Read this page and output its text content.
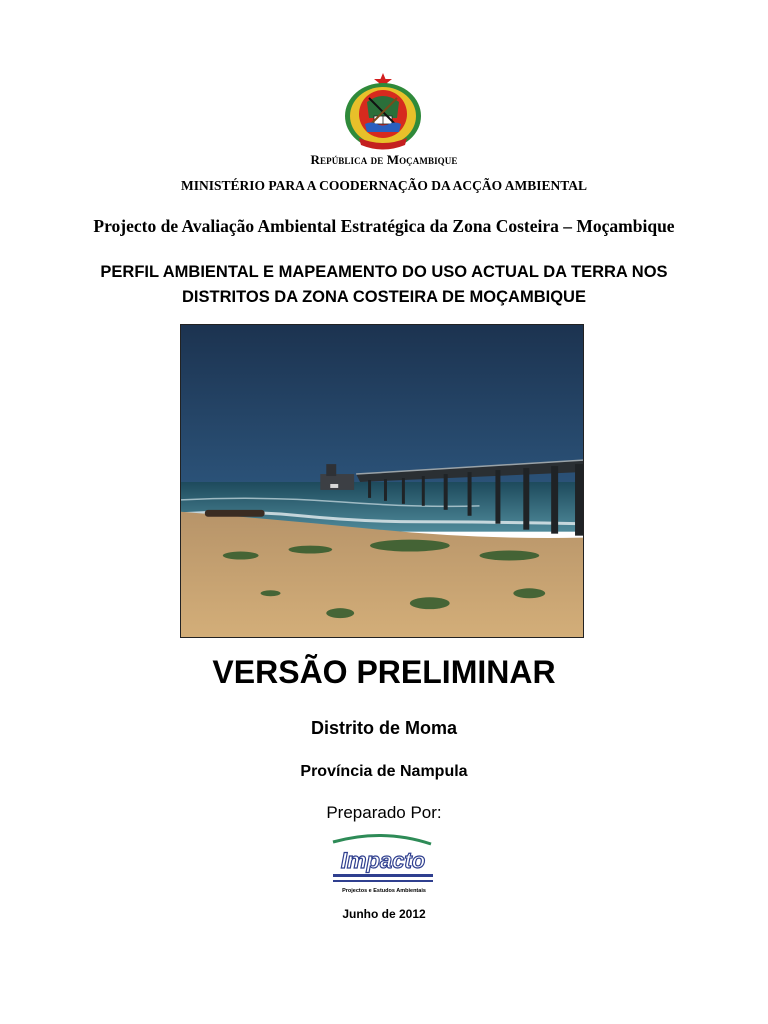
República de Moçambique
MINISTÉRIO PARA A COODERNAÇÃO DA ACÇÃO AMBIENTAL
Projecto de Avaliação Ambiental Estratégica da Zona Costeira – Moçambique
PERFIL AMBIENTAL E MAPEAMENTO DO USO ACTUAL DA TERRA NOS
DISTRITOS DA ZONA COSTEIRA DE MOÇAMBIQUE
VERSÃO PRELIMINAR
Distrito de Moma
Província de Nampula
Preparado Por:
Impacto
Projectos e Estudos Ambientais
Junho de 2012
